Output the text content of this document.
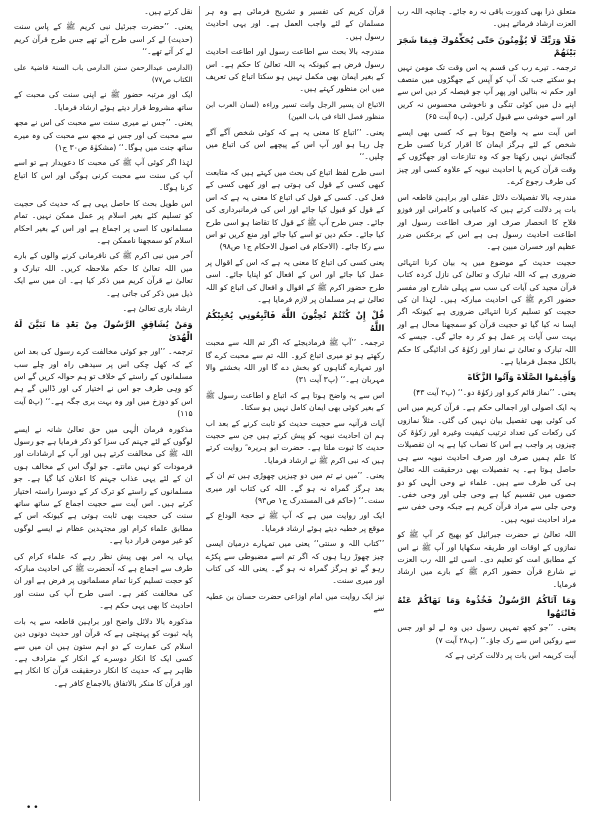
متعلق ذرا بھی کدورت باقی نہ رہ جائے۔ چنانچہ اللہ رب العزت ارشاد فرماتے ہیں۔

فَلَا وَرَبِّكَ لَا يُؤْمِنُونَ حَتّٰى يُحَكِّمُوكَ فِيمَا شَجَرَ بَيْنَهُمْ

ترجمہ۔ تیرے رب کی قسم یہ اس وقت تک مومن نہیں ہو سکتے جب تک آپ کو آپس کے جھگڑوں میں منصف اور حکم نہ بنالیں اور پھر آپ جو فیصلہ کر دیں اس سے اپنے دل میں کوئی تنگی و ناخوشی محسوس نہ کریں اور اسے خوشی سے قبول کرلیں۔ (پ۵ آیت ۶۵)

اس آیت سے یہ واضح ہوتا ہے کہ کسی بھی ایسے شخص کے لئے ہرگز ایمان کا اقرار کرنا کسی طرح گنجائش نہیں رکھتا جو کہ وہ تنازعات اور جھگڑوں کے وقت قرآن کریم یا احادیث نبویہ کے علاوہ کسی اور چیز کی طرف رجوع کرے۔

مندرجہ بالا تفصیلات دلائل عقلی اور براہین قاطعہ اس بات پر دلالت کرتے ہیں کہ کامیابی و کامرانی اور فوزو فلاح کا انحصار صرف اور صرف اطاعت رسول اور اطاعت احادیث رسول ہی ہے اس کے برعکس ضرر عظیم اور خسران مبین ہے۔

حجیت حدیث کے موضوع میں یہ بیان کرنا انتہائی ضروری ہے کہ اللہ تبارک و تعالیٰ کی نازل کردہ کتاب قرآن مجید کی آیات کی سب سے پہلی شارح اور مفسر حضور اکرم ﷺ کی احادیث مبارکہ ہیں۔ لہٰذا ان کی حجیت کو تسلیم کرنا انتہائی ضروری ہے کیونکہ اگر ایسا نہ کیا گیا تو حجیت قرآن کو سمجھنا محال ہے اور بہت سی آیات پر عمل ہو کر رہ جائے گی۔ جیسے کہ اللہ تبارک و تعالیٰ نے نماز اور زکوٰۃ کی ادائیگی کا حکم بالکل مجمل فرمایا ہے۔

وَأَقِيمُوا الصَّلَاةَ وَآتُوا الزَّكَاةَ

یعنی۔ ’’نماز قائم کرو اور زکوٰۃ دو۔‘‘ (پ۲ آیت ۴۳)

یہ ایک اصولی اور اجمالی حکم ہے۔ قرآن کریم میں اس کی کوئی بھی تفصیل بیان نہیں کی گئی۔ مثلاً نمازوں کی رکعات کی تعداد ترتیب کیفیت وغیرہ اور زکوٰۃ کن چیزوں پر واجب ہے اس کا نصاب کیا ہے یہ ان تفصیلات کا علم ہمیں صرف اور صرف احادیث نبویہ سے ہی حاصل ہوتا ہے۔ یہ تفصیلات بھی درحقیقت اللہ تعالیٰ ہی کی طرف سے ہیں۔ علماء نے وحی الٰہی کو دو حصوں میں تقسیم کیا ہے وحی جلی اور وحی خفی۔ وحی جلی سے مراد قرآن کریم ہے جبکہ وحی خفی سے مراد احادیث نبویہ ہیں۔

اللہ تعالیٰ نے حضرت جبرائیل کو بھیج کر آپ ﷺ کو نمازوں کے اوقات اور طریقہ سکھایا اور آپ ﷺ نے اس کے مطابق امت کو تعلیم دی۔ اسی لئے اللہ رب العزت نے شارع قرآن حضور اکرم ﷺ کے بارے میں ارشاد فرمایا۔

وَمَا آتَاكُمُ الرَّسُولُ فَخُذُوهُ وَمَا نَهَاكُمْ عَنْهُ فَانْتَهُوا

یعنی۔ ’’جو کچھ تمہیں رسول دیں وہ لے لو اور جس سے روکیں اس سے رک جاؤ۔‘‘ (پ۲۸ آیت ۷)

آیت کریمہ اس بات پر دلالت کرتی ہے کہ

قرآن کریم کی تفسیر و تشریح فرمائی ہے وہ ہر مسلمان کے لئے واجب العمل ہے۔ اور یہی احادیث رسول ہیں۔

مندرجہ بالا بحث سے اطاعت رسول اور اطاعت احادیث رسول فرض ہے کیونکہ یہ اللہ تعالیٰ کا حکم ہے۔ اس کے بغیر ایمان بھی مکمل نہیں ہو سکتا اتباع کی تعریف میں ابن منظور کہتے ہیں۔

الاتباع ان یسیر الرجل وانت تسیر وراءہ (لسان العرب ابن منظور فصل التاء فی باب العین)

یعنی۔ ’’اتباع کا معنی یہ ہے کہ کوئی شخص آگے آگے چل رہا ہو اور آپ اس کے پیچھے اس کی اتباع میں چلیں۔‘‘

اسی طرح لفظ اتباع کی بحث میں کہتے ہیں کہ متابعت کبھی کسی کے قول کی ہوتی ہے اور کبھی کسی کے فعل کی۔ کسی کے قول کی اتباع کا معنی یہ ہے کہ اس کے قول کو قبول کیا جائے اور اس کی فرمانبرداری کی جائے۔ جس طرح آپ ﷺ کے قول کا تقاضا ہو اسی طرح کیا جائے۔ حکم دیں تو اسے کیا جائے اور منع کریں تو اس سے رکا جائے۔ (الاحکام فی اصول الاحکام ج۱ ص۹۸)

یعنی کسی کی اتباع کا معنی یہ ہے کہ اس کے اقوال پر عمل کیا جائے اور اس کے افعال کو اپنایا جائے۔ اسی طرح حضور اکرم ﷺ کے اقوال و افعال کی اتباع کو اللہ تعالیٰ نے ہر مسلمان پر لازم فرمایا ہے۔

قُلْ إِنْ كُنْتُمْ تُحِبُّونَ اللَّهَ فَاتَّبِعُونِي يُحْبِبْكُمُ اللَّهُ

ترجمہ۔ ’’آپ ﷺ فرمادیجئے کہ اگر تم اللہ سے محبت رکھتے ہو تو میری اتباع کرو۔ اللہ تم سے محبت کرے گا اور تمہارے گناہوں کو بخش دے گا اور اللہ بخشنے والا مہربان ہے۔‘‘ (پ۳ آیت ۳۱)

اس سے یہ واضح ہوتا ہے کہ اتباع و اطاعت رسول ﷺ کے بغیر کوئی بھی ایمان کامل نہیں ہو سکتا۔

آیات قرآنیہ سے حجیت حدیث کو ثابت کرنے کے بعد اب ہم ان احادیث نبویہ کو پیش کرتے ہیں جن سے حجیت حدیث کا ثبوت ملتا ہے۔ حضرت ابو ہریرہ ؓ روایت کرتے ہیں کہ نبی اکرم ﷺ نے ارشاد فرمایا۔

یعنی۔ ’’میں نے تم میں دو چیزیں چھوڑی ہیں تم ان کے بعد ہرگز گمراہ نہ ہو گے۔ اللہ کی کتاب اور میری سنت۔‘‘ (حاکم فی المستدرک ج۱ ص۹۳)

ایک اور روایت میں ہے کہ آپ ﷺ نے حجۃ الوداع کے موقع پر خطبہ دیتے ہوئے ارشاد فرمایا۔

’’کتاب اللہ و سنتی‘‘ یعنی میں تمہارے درمیان ایسی چیز چھوڑ رہا ہوں کہ اگر تم اسے مضبوطی سے پکڑے رہو گے تو ہرگز گمراہ نہ ہو گے۔ یعنی اللہ کی کتاب اور میری سنت۔

نیز ایک روایت میں امام اوزاعی حضرت حسان بن عطیہ سے

نقل کرتے ہیں۔

یعنی۔ ’’حضرت جبرئیل نبی کریم ﷺ کے پاس سنت (حدیث) لے کر اسی طرح آتے تھے جس طرح قرآن کریم لے کر آتے تھے۔‘‘

(الدارمی عبدالرحمن سنن الدارمی باب السنۃ قاضیۃ علی الکتاب ص۷۷)

ایک اور مرتبہ حضور ﷺ نے اپنی سنت کی محبت کے ساتھ مشروط قرار دیتے ہوئے ارشاد فرمایا۔

یعنی۔ ’’جس نے میری سنت سے محبت کی اس نے مجھ سے محبت کی اور جس نے مجھ سے محبت کی وہ میرے ساتھ جنت میں ہوگا۔‘‘ (مشکوٰۃ ص۳۰ ج۱)

لہٰذا اگر کوئی آپ ﷺ کی محبت کا دعویدار ہے تو اسے آپ کی سنت سے محبت کرنی ہوگی اور اس کا اتباع کرنا ہوگا۔

اس طویل بحث کا حاصل یہی ہے کہ حدیث کی حجیت کو تسلیم کئے بغیر اسلام پر عمل ممکن نہیں۔ تمام مسلمانوں کا اسی پر اجماع ہے اور اس کے بغیر احکام اسلام کو سمجھنا ناممکن ہے۔

آخر میں نبی اکرم ﷺ کی نافرمانی کرنے والوں کے بارے میں اللہ تعالیٰ کا حکم ملاحظہ کریں۔ اللہ تبارک و تعالیٰ نے قرآن کریم میں ذکر کیا ہے۔ ان میں سے ایک ذیل میں ذکر کی جاتی ہے۔

ارشاد باری تعالیٰ ہے۔

وَمَنْ يُشَاقِقِ الرَّسُولَ مِنْ بَعْدِ مَا تَبَيَّنَ لَهُ الْهُدَىٰ

ترجمہ۔ ’’اور جو کوئی مخالفت کرے رسول کی بعد اس کے کہ کھل چکی اس پر سیدھی راہ اور چلے سب مسلمانوں کے راستے کے خلاف تو ہم حوالہ کریں گے اس کو وہی طرف جو اس نے اختیار کی اور ڈالیں گے ہم اس کو دوزخ میں اور وہ بہت بری جگہ ہے۔‘‘ (پ۵ آیت ۱۱۵)

مذکورہ فرمان الٰہی میں حق تعالیٰ شانہ نے ایسے لوگوں کے لئے جہنم کی سزا کو ذکر فرمایا ہے جو رسول اللہ ﷺ کی مخالفت کرتے ہیں اور آپ کے ارشادات اور فرمودات کو نہیں مانتے۔ جو لوگ اس کے مخالف ہوں ان کے لئے یہی عذاب جہنم کا اعلان کیا گیا ہے۔ جو مسلمانوں کے راستے کو ترک کر کے دوسرا راستہ اختیار کرتے ہیں۔ اس آیت سے حجیت اجماع کے ساتھ ساتھ سنت کی حجیت بھی ثابت ہوتی ہے کیونکہ اس کے مطابق علماء کرام اور مجتہدین عظام نے ایسے لوگوں کو غیر مومن قرار دیا ہے۔

یہاں یہ امر بھی پیش نظر رہے کہ علماء کرام کی طرف سے اجماع ہے کہ آنحضرت ﷺ کی احادیث مبارکہ کو حجت تسلیم کرنا تمام مسلمانوں پر فرض ہے اور ان کی مخالفت کفر ہے۔ اسی طرح آپ کی سنت اور احادیث کا بھی یہی حکم ہے۔

مذکورہ بالا دلائل واضح اور براہین قاطعہ سے یہ بات پایہ ثبوت کو پہنچتی ہے کہ قرآن اور حدیث دونوں دین اسلام کی عمارت کے دو اہم ستون ہیں ان میں سے کسی ایک کا انکار دوسرے کے انکار کے مترادف ہے۔ ظاہر ہے کہ حدیث کا انکار درحقیقت قرآن کا انکار ہے اور قرآن کا منکر بالاتفاق بالاجماع کافر ہے۔

••
